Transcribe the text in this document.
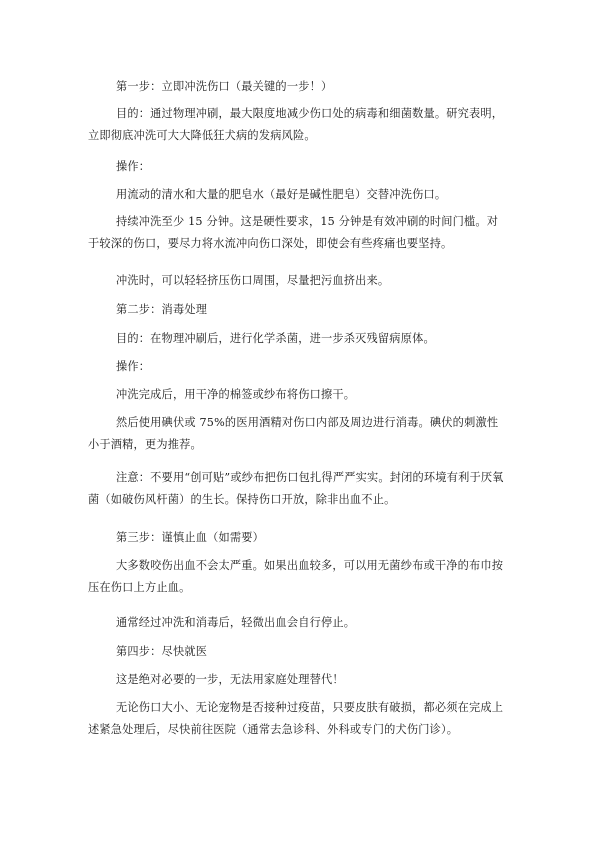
第一步：立即冲洗伤口（最关键的一步！）

目的：通过物理冲刷，最大限度地减少伤口处的病毒和细菌数量。研究表明，立即彻底冲洗可大大降低狂犬病的发病风险。

操作：

用流动的清水和大量的肥皂水（最好是碱性肥皂）交替冲洗伤口。

持续冲洗至少 15 分钟。这是硬性要求，15 分钟是有效冲刷的时间门槛。对于较深的伤口，要尽力将水流冲向伤口深处，即使会有些疼痛也要坚持。

冲洗时，可以轻轻挤压伤口周围，尽量把污血挤出来。

第二步：消毒处理

目的：在物理冲刷后，进行化学杀菌，进一步杀灭残留病原体。

操作：

冲洗完成后，用干净的棉签或纱布将伤口擦干。

然后使用碘伏或 75%的医用酒精对伤口内部及周边进行消毒。碘伏的刺激性小于酒精，更为推荐。

注意：不要用“创可贴”或纱布把伤口包扎得严严实实。封闭的环境有利于厌氧菌（如破伤风杆菌）的生长。保持伤口开放，除非出血不止。

第三步：谨慎止血（如需要）

大多数咬伤出血不会太严重。如果出血较多，可以用无菌纱布或干净的布巾按压在伤口上方止血。

通常经过冲洗和消毒后，轻微出血会自行停止。

第四步：尽快就医

这是绝对必要的一步，无法用家庭处理替代！

无论伤口大小、无论宠物是否接种过疫苗，只要皮肤有破损，都必须在完成上述紧急处理后，尽快前往医院（通常去急诊科、外科或专门的犬伤门诊）。
